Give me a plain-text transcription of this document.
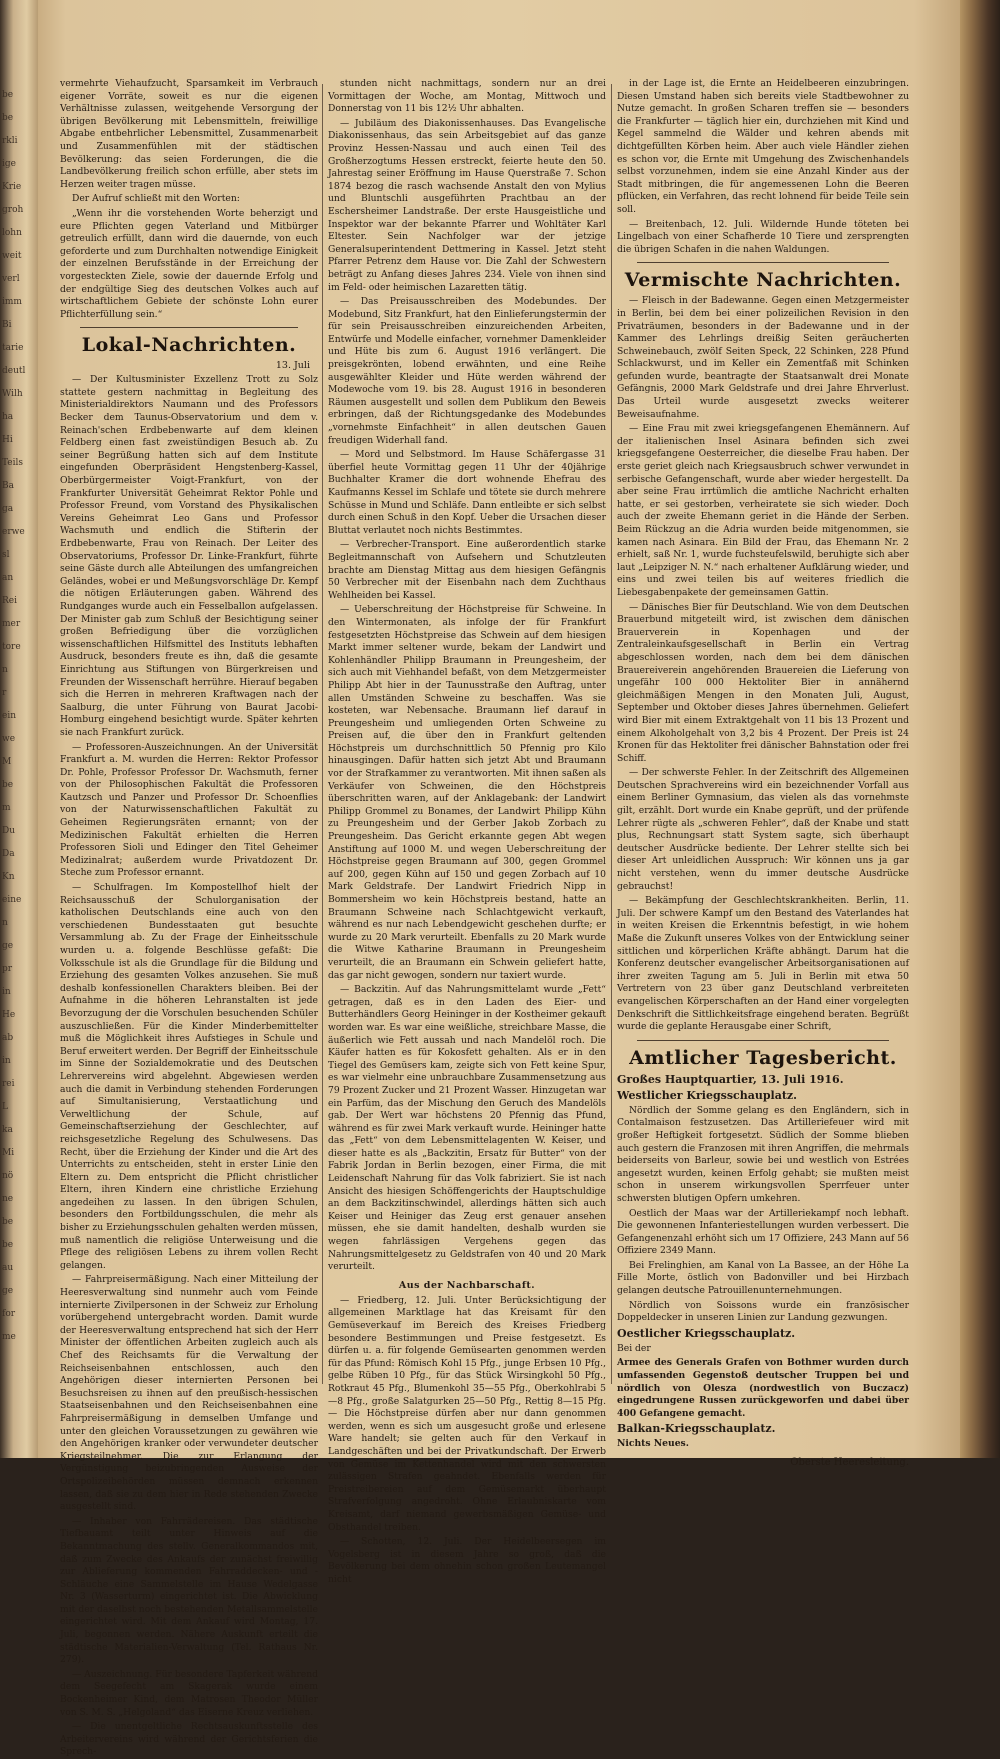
be
be
rkli
ige
Krie
groh
lohn
weit
verl
imm
Bi
tarie
deutl
Wilh
ha
Hi
Teils
Ba
ga
erwe
sl
an
Rei
mer
tore
n
r
ein
we
M
be
m
Du
Da
Kn
eine
n
ge
pr
in
He
ab
in
rei
L
ka
Mi
nö
ne
be
be
au
ge
for
me

vermehrte Viehaufzucht, Sparsamkeit im Verbrauch eigener Vorräte, soweit es nur die eigenen Verhältnisse zulassen, weitgehende Versorgung der übrigen Bevölkerung mit Lebensmitteln, freiwillige Abgabe entbehrlicher Lebensmittel, Zusammenarbeit und Zusammenfühlen mit der städtischen Bevölkerung: das seien Forderungen, die die Landbevölkerung freilich schon erfülle, aber stets im Herzen weiter tragen müsse.

Der Aufruf schließt mit den Worten:

„Wenn ihr die vorstehenden Worte beherzigt und eure Pflichten gegen Vaterland und Mitbürger getreulich erfüllt, dann wird die dauernde, von euch geforderte und zum Durchhalten notwendige Einigkeit der einzelnen Berufsstände in der Erreichung der vorgesteckten Ziele, sowie der dauernde Erfolg und der endgültige Sieg des deutschen Volkes auch auf wirtschaftlichem Gebiete der schönste Lohn eurer Pflichterfüllung sein.“

Lokal-Nachrichten.
13. Juli

— Der Kultusminister Exzellenz Trott zu Solz stattete gestern nachmittag in Begleitung des Ministerialdirektors Naumann und des Professors Becker dem Taunus-Observatorium und dem v. Reinach'schen Erdbebenwarte auf dem kleinen Feldberg einen fast zweistündigen Besuch ab. Zu seiner Begrüßung hatten sich auf dem Institute eingefunden Oberpräsident Hengstenberg-Kassel, Oberbürgermeister Voigt-Frankfurt, von der Frankfurter Universität Geheimrat Rektor Pohle und Professor Freund, vom Vorstand des Physikalischen Vereins Geheimrat Leo Gans und Professor Wachsmuth und endlich die Stifterin der Erdbebenwarte, Frau von Reinach. Der Leiter des Observatoriums, Professor Dr. Linke-Frankfurt, führte seine Gäste durch alle Abteilungen des umfangreichen Geländes, wobei er und Meßungsvorschläge Dr. Kempf die nötigen Erläuterungen gaben. Während des Rundganges wurde auch ein Fesselballon aufgelassen. Der Minister gab zum Schluß der Besichtigung seiner großen Befriedigung über die vorzüglichen wissenschaftlichen Hilfsmittel des Instituts lebhaften Ausdruck, besonders freute es ihn, daß die gesamte Einrichtung aus Stiftungen von Bürgerkreisen und Freunden der Wissenschaft herrühre. Hierauf begaben sich die Herren in mehreren Kraftwagen nach der Saalburg, die unter Führung von Baurat Jacobi-Homburg eingehend besichtigt wurde. Später kehrten sie nach Frankfurt zurück.

— Professoren-Auszeichnungen. An der Universität Frankfurt a. M. wurden die Herren: Rektor Professor Dr. Pohle, Professor Professor Dr. Wachsmuth, ferner von der Philosophischen Fakultät die Professoren Kautzsch und Panzer und Professor Dr. Schoenflies von der Naturwissenschaftlichen Fakultät zu Geheimen Regierungsräten ernannt; von der Medizinischen Fakultät erhielten die Herren Professoren Sioli und Edinger den Titel Geheimer Medizinalrat; außerdem wurde Privatdozent Dr. Steche zum Professor ernannt.

— Schulfragen. Im Kompostellhof hielt der Reichsausschuß der Schulorganisation der katholischen Deutschlands eine auch von den verschiedenen Bundesstaaten gut besuchte Versammlung ab. Zu der Frage der Einheitsschule wurden u. a. folgende Beschlüsse gefaßt: Die Volksschule ist als die Grundlage für die Bildung und Erziehung des gesamten Volkes anzusehen. Sie muß deshalb konfessionellen Charakters bleiben. Bei der Aufnahme in die höheren Lehranstalten ist jede Bevorzugung der die Vorschulen besuchenden Schüler auszuschließen. Für die Kinder Minderbemittelter muß die Möglichkeit ihres Aufstieges in Schule und Beruf erweitert werden. Der Begriff der Einheitsschule im Sinne der Sozialdemokratie und des Deutschen Lehrervereins wird abgelehnt. Abgewiesen werden auch die damit in Verbindung stehenden Forderungen auf Simultanisierung, Verstaatlichung und Verweltlichung der Schule, auf Gemeinschaftserziehung der Geschlechter, auf reichsgesetzliche Regelung des Schulwesens. Das Recht, über die Erziehung der Kinder und die Art des Unterrichts zu entscheiden, steht in erster Linie den Eltern zu. Dem entspricht die Pflicht christlicher Eltern, ihren Kindern eine christliche Erziehung angedeihen zu lassen. In den übrigen Schulen, besonders den Fortbildungsschulen, die mehr als bisher zu Erziehungsschulen gehalten werden müssen, muß namentlich die religiöse Unterweisung und die Pflege des religiösen Lebens zu ihrem vollen Recht gelangen.

— Fahrpreisermäßigung. Nach einer Mitteilung der Heeresverwaltung sind nunmehr auch vom Feinde internierte Zivilpersonen in der Schweiz zur Erholung vorübergehend untergebracht worden. Damit wurde der Heeresverwaltung entsprechend hat sich der Herr Minister der öffentlichen Arbeiten zugleich auch als Chef des Reichsamts für die Verwaltung der Reichseisenbahnen entschlossen, auch den Angehörigen dieser internierten Personen bei Besuchsreisen zu ihnen auf den preußisch-hessischen Staatseisenbahnen und den Reichseisenbahnen eine Fahrpreisermäßigung in demselben Umfange und unter den gleichen Voraussetzungen zu gewähren wie den Angehörigen kranker oder verwundeter deutscher Kriegsteilnehmer. Die zur Erlangung der Vergünstigung beizubringenden Ausweise der Ortspolizeibehörden müssen demnach erkennen lassen, daß sie zu dem hier in Rede stehenden Zwecke ausgestellt sind.

— Inhaber von Fahrrädereisen. Das städtische Tiefbauamt teilt unter Hinweis auf die Bekanntmachung des stellv. Generalkommandos mit, daß zum Zwecke des Ankaufs der zunächst freiwillig zur Ablieferung kommenden Fahrraddecken- und -Schläuche eine Sammelstelle im Hause Wedelgasse Nr. 3 (Wasserturm) eingerichtet ist. Die Abwicklung mit der daselbst noch bestehenden Metallsammelstelle eingerichtet wird. Mit dem Ankauf wird Montag, 17. Juli, begonnen werden. Nähere Auskunft erteilt die städtische Materialien-Verwaltung (Tel. Rathaus Nr. 279).

— Auszeichnung. Für besondere Tapferkeit während dem Seegefecht am Skagerak wurde einem Bockenheimer Kind, dem Matrosen Theodor Müller von S. M. S. „Helgoland“ das Eiserne Kreuz verliehen.

— Die unentgeltliche Rechtsauskunftsstelle des Arbeitervereins wird während der Gerichtsferien die Sprech-

stunden nicht nachmittags, sondern nur an drei Vormittagen der Woche, am Montag, Mittwoch und Donnerstag von 11 bis 12½ Uhr abhalten.

— Jubiläum des Diakonissenhauses. Das Evangelische Diakonissenhaus, das sein Arbeitsgebiet auf das ganze Provinz Hessen-Nassau und auch einen Teil des Großherzogtums Hessen erstreckt, feierte heute den 50. Jahrestag seiner Eröffnung im Hause Querstraße 7. Schon 1874 bezog die rasch wachsende Anstalt den von Mylius und Bluntschli ausgeführten Prachtbau an der Eschersheimer Landstraße. Der erste Hausgeistliche und Inspektor war der bekannte Pfarrer und Wohltäter Karl Eltester. Sein Nachfolger war der jetzige Generalsuperintendent Dettmering in Kassel. Jetzt steht Pfarrer Petrenz dem Hause vor. Die Zahl der Schwestern beträgt zu Anfang dieses Jahres 234. Viele von ihnen sind im Feld- oder heimischen Lazaretten tätig.

— Das Preisausschreiben des Modebundes. Der Modebund, Sitz Frankfurt, hat den Einlieferungstermin der für sein Preisausschreiben einzureichenden Arbeiten, Entwürfe und Modelle einfacher, vornehmer Damenkleider und Hüte bis zum 6. August 1916 verlängert. Die preisgekrönten, lobend erwähnten, und eine Reihe ausgewählter Kleider und Hüte werden während der Modewoche vom 19. bis 28. August 1916 in besonderen Räumen ausgestellt und sollen dem Publikum den Beweis erbringen, daß der Richtungsgedanke des Modebundes „vornehmste Einfachheit“ in allen deutschen Gauen freudigen Widerhall fand.

— Mord und Selbstmord. Im Hause Schäfergasse 31 überfiel heute Vormittag gegen 11 Uhr der 40jährige Buchhalter Kramer die dort wohnende Ehefrau des Kaufmanns Kessel im Schlafe und tötete sie durch mehrere Schüsse in Mund und Schläfe. Dann entleibte er sich selbst durch einen Schuß in den Kopf. Ueber die Ursachen dieser Bluttat verlautet noch nichts Bestimmtes.

— Verbrecher-Transport. Eine außerordentlich starke Begleitmannschaft von Aufsehern und Schutzleuten brachte am Dienstag Mittag aus dem hiesigen Gefängnis 50 Verbrecher mit der Eisenbahn nach dem Zuchthaus Wehlheiden bei Kassel.

— Ueberschreitung der Höchstpreise für Schweine. In den Wintermonaten, als infolge der für Frankfurt festgesetzten Höchstpreise das Schwein auf dem hiesigen Markt immer seltener wurde, bekam der Landwirt und Kohlenhändler Philipp Braumann in Preungesheim, der sich auch mit Viehhandel befaßt, von dem Metzgermeister Philipp Abt hier in der Taunusstraße den Auftrag, unter allen Umständen Schweine zu beschaffen. Was sie kosteten, war Nebensache. Braumann lief darauf in Preungesheim und umliegenden Orten Schweine zu Preisen auf, die über den in Frankfurt geltenden Höchstpreis um durchschnittlich 50 Pfennig pro Kilo hinausgingen. Dafür hatten sich jetzt Abt und Braumann vor der Strafkammer zu verantworten. Mit ihnen saßen als Verkäufer von Schweinen, die den Höchstpreis überschritten waren, auf der Anklagebank: der Landwirt Philipp Grommel zu Bonames, der Landwirt Philipp Kühn zu Preungesheim und der Gerber Jakob Zorbach zu Preungesheim. Das Gericht erkannte gegen Abt wegen Anstiftung auf 1000 M. und wegen Ueberschreitung der Höchstpreise gegen Braumann auf 300, gegen Grommel auf 200, gegen Kühn auf 150 und gegen Zorbach auf 10 Mark Geldstrafe. Der Landwirt Friedrich Nipp in Bommersheim wo kein Höchstpreis bestand, hatte an Braumann Schweine nach Schlachtgewicht verkauft, während es nur nach Lebendgewicht geschehen durfte; er wurde zu 20 Mark verurteilt. Ebenfalls zu 20 Mark wurde die Witwe Katharine Braumann in Preungesheim verurteilt, die an Braumann ein Schwein geliefert hatte, das gar nicht gewogen, sondern nur taxiert wurde.

— Backzitin. Auf das Nahrungsmittelamt wurde „Fett“ getragen, daß es in den Laden des Eier- und Butterhändlers Georg Heininger in der Kostheimer gekauft worden war. Es war eine weißliche, streichbare Masse, die äußerlich wie Fett aussah und nach Mandelöl roch. Die Käufer hatten es für Kokosfett gehalten. Als er in den Tiegel des Gemüsers kam, zeigte sich von Fett keine Spur, es war vielmehr eine unbrauchbare Zusammensetzung aus 79 Prozent Zucker und 21 Prozent Wasser. Hinzugetan war ein Parfüm, das der Mischung den Geruch des Mandelöls gab. Der Wert war höchstens 20 Pfennig das Pfund, während es für zwei Mark verkauft wurde. Heininger hatte das „Fett“ von dem Lebensmittelagenten W. Keiser, und dieser hatte es als „Backzitin, Ersatz für Butter“ von der Fabrik Jordan in Berlin bezogen, einer Firma, die mit Leidenschaft Nahrung für das Volk fabriziert. Sie ist nach Ansicht des hiesigen Schöffengerichts der Hauptschuldige an dem Backzitinschwindel, allerdings hätten sich auch Keiser und Heiniger das Zeug erst genauer ansehen müssen, ehe sie damit handelten, deshalb wurden sie wegen fahrlässigen Vergehens gegen das Nahrungsmittelgesetz zu Geldstrafen von 40 und 20 Mark verurteilt.

Aus der Nachbarschaft.

— Friedberg, 12. Juli. Unter Berücksichtigung der allgemeinen Marktlage hat das Kreisamt für den Gemüseverkauf im Bereich des Kreises Friedberg besondere Bestimmungen und Preise festgesetzt. Es dürfen u. a. für folgende Gemüsearten genommen werden für das Pfund: Römisch Kohl 15 Pfg., junge Erbsen 10 Pfg., gelbe Rüben 10 Pfg., für das Stück Wirsingkohl 50 Pfg., Rotkraut 45 Pfg., Blumenkohl 35—55 Pfg., Oberkohlrabi 5—8 Pfg., große Salatgurken 25—50 Pfg., Rettig 8—15 Pfg. — Die Höchstpreise dürfen aber nur dann genommen werden, wenn es sich um ausgesucht große und erlesene Ware handelt; sie gelten auch für den Verkauf in Landgeschäften und bei der Privatkundschaft. Der Erwerb von Gemüse im Kettenhandel wird mit den schwersten zulässigen Strafen geahndet. Ebenfalls werden für Preistreibereien auf dem Gemüsemarkt überhaupt Strafverfolgung angedroht. Ohne Erlaubniskarte vom Kreisamt, darf niemand gewerbsmäßigen Gemüse- und Obsthandel treiben.

— Schotten, 12. Juli. Der Heidelbeersegen im Vogelsberg ist in diesem Jahre so groß, daß die Bevölkerung bei dem ohnehin schon großen Leutemangel nicht

in der Lage ist, die Ernte an Heidelbeeren einzubringen. Diesen Umstand haben sich bereits viele Stadtbewohner zu Nutze gemacht. In großen Scharen treffen sie — besonders die Frankfurter — täglich hier ein, durchziehen mit Kind und Kegel sammelnd die Wälder und kehren abends mit dichtgefüllten Körben heim. Aber auch viele Händler ziehen es schon vor, die Ernte mit Umgehung des Zwischenhandels selbst vorzunehmen, indem sie eine Anzahl Kinder aus der Stadt mitbringen, die für angemessenen Lohn die Beeren pflücken, ein Verfahren, das recht lohnend für beide Teile sein soll.

— Breitenbach, 12. Juli. Wildernde Hunde töteten bei Lingelbach von einer Schafherde 10 Tiere und zersprengten die übrigen Schafen in die nahen Waldungen.

Vermischte Nachrichten.

— Fleisch in der Badewanne. Gegen einen Metzgermeister in Berlin, bei dem bei einer polizeilichen Revision in den Privaträumen, besonders in der Badewanne und in der Kammer des Lehrlings dreißig Seiten geräucherten Schweinebauch, zwölf Seiten Speck, 22 Schinken, 228 Pfund Schlackwurst, und im Keller ein Zementfaß mit Schinken gefunden wurde, beantragte der Staatsanwalt drei Monate Gefängnis, 2000 Mark Geldstrafe und drei Jahre Ehrverlust. Das Urteil wurde ausgesetzt zwecks weiterer Beweisaufnahme.

— Eine Frau mit zwei kriegsgefangenen Ehemännern. Auf der italienischen Insel Asinara befinden sich zwei kriegsgefangene Oesterreicher, die dieselbe Frau haben. Der erste geriet gleich nach Kriegsausbruch schwer verwundet in serbische Gefangenschaft, wurde aber wieder hergestellt. Da aber seine Frau irrtümlich die amtliche Nachricht erhalten hatte, er sei gestorben, verheiratete sie sich wieder. Doch auch der zweite Ehemann geriet in die Hände der Serben. Beim Rückzug an die Adria wurden beide mitgenommen, sie kamen nach Asinara. Ein Bild der Frau, das Ehemann Nr. 2 erhielt, saß Nr. 1, wurde fuchsteufelswild, beruhigte sich aber laut „Leipziger N. N.“ nach erhaltener Aufklärung wieder, und eins und zwei teilen bis auf weiteres friedlich die Liebesgabenpakete der gemeinsamen Gattin.

— Dänisches Bier für Deutschland. Wie von dem Deutschen Brauerbund mitgeteilt wird, ist zwischen dem dänischen Brauerverein in Kopenhagen und der Zentraleinkaufsgesellschaft in Berlin ein Vertrag abgeschlossen worden, nach dem bei dem dänischen Brauereiverein angehörenden Brauereien die Lieferung von ungefähr 100 000 Hektoliter Bier in annähernd gleichmäßigen Mengen in den Monaten Juli, August, September und Oktober dieses Jahres übernehmen. Geliefert wird Bier mit einem Extraktgehalt von 11 bis 13 Prozent und einem Alkoholgehalt von 3,2 bis 4 Prozent. Der Preis ist 24 Kronen für das Hektoliter frei dänischer Bahnstation oder frei Schiff.

— Der schwerste Fehler. In der Zeitschrift des Allgemeinen Deutschen Sprachvereins wird ein bezeichnender Vorfall aus einem Berliner Gymnasium, das vielen als das vornehmste gilt, erzählt. Dort wurde ein Knabe geprüft, und der prüfende Lehrer rügte als „schweren Fehler“, daß der Knabe und statt plus, Rechnungsart statt System sagte, sich überhaupt deutscher Ausdrücke bediente. Der Lehrer stellte sich bei dieser Art unleidlichen Ausspruch: Wir können uns ja gar nicht verstehen, wenn du immer deutsche Ausdrücke gebrauchst!

— Bekämpfung der Geschlechtskrankheiten. Berlin, 11. Juli. Der schwere Kampf um den Bestand des Vaterlandes hat in weiten Kreisen die Erkenntnis befestigt, in wie hohem Maße die Zukunft unseres Volkes von der Entwicklung seiner sittlichen und körperlichen Kräfte abhängt. Darum hat die Konferenz deutscher evangelischer Arbeitsorganisationen auf ihrer zweiten Tagung am 5. Juli in Berlin mit etwa 50 Vertretern von 23 über ganz Deutschland verbreiteten evangelischen Körperschaften an der Hand einer vorgelegten Denkschrift die Sittlichkeitsfrage eingehend beraten. Begrüßt wurde die geplante Herausgabe einer Schrift,

Amtlicher Tagesbericht.
Großes Hauptquartier, 13. Juli 1916.
Westlicher Kriegsschauplatz.

Nördlich der Somme gelang es den Engländern, sich in Contalmaison festzusetzen. Das Artilleriefeuer wird mit großer Heftigkeit fortgesetzt. Südlich der Somme blieben auch gestern die Franzosen mit ihren Angriffen, die mehrmals beiderseits von Barleur, sowie bei und westlich von Estrées angesetzt wurden, keinen Erfolg gehabt; sie mußten meist schon in unserem wirkungsvollen Sperrfeuer unter schwersten blutigen Opfern umkehren.

Oestlich der Maas war der Artilleriekampf noch lebhaft. Die gewonnenen Infanteriestellungen wurden verbessert. Die Gefangenenzahl erhöht sich um 17 Offiziere, 243 Mann auf 56 Offiziere 2349 Mann.

Bei Frelinghien, am Kanal von La Bassee, an der Höhe La Fille Morte, östlich von Badonviller und bei Hirzbach gelangen deutsche Patrouillenunternehmungen.

Nördlich von Soissons wurde ein französischer Doppeldecker in unseren Linien zur Landung gezwungen.

Oestlicher Kriegsschauplatz.

Bei der

Armee des Generals Grafen von Bothmer wurden durch umfassenden Gegenstoß deutscher Truppen bei und nördlich von Olesza (nordwestlich von Buczacz) eingedrungene Russen zurückgeworfen und dabei über 400 Gefangene gemacht.

Balkan-Kriegsschauplatz.

Nichts Neues.

Oberste Heeresleitung.
